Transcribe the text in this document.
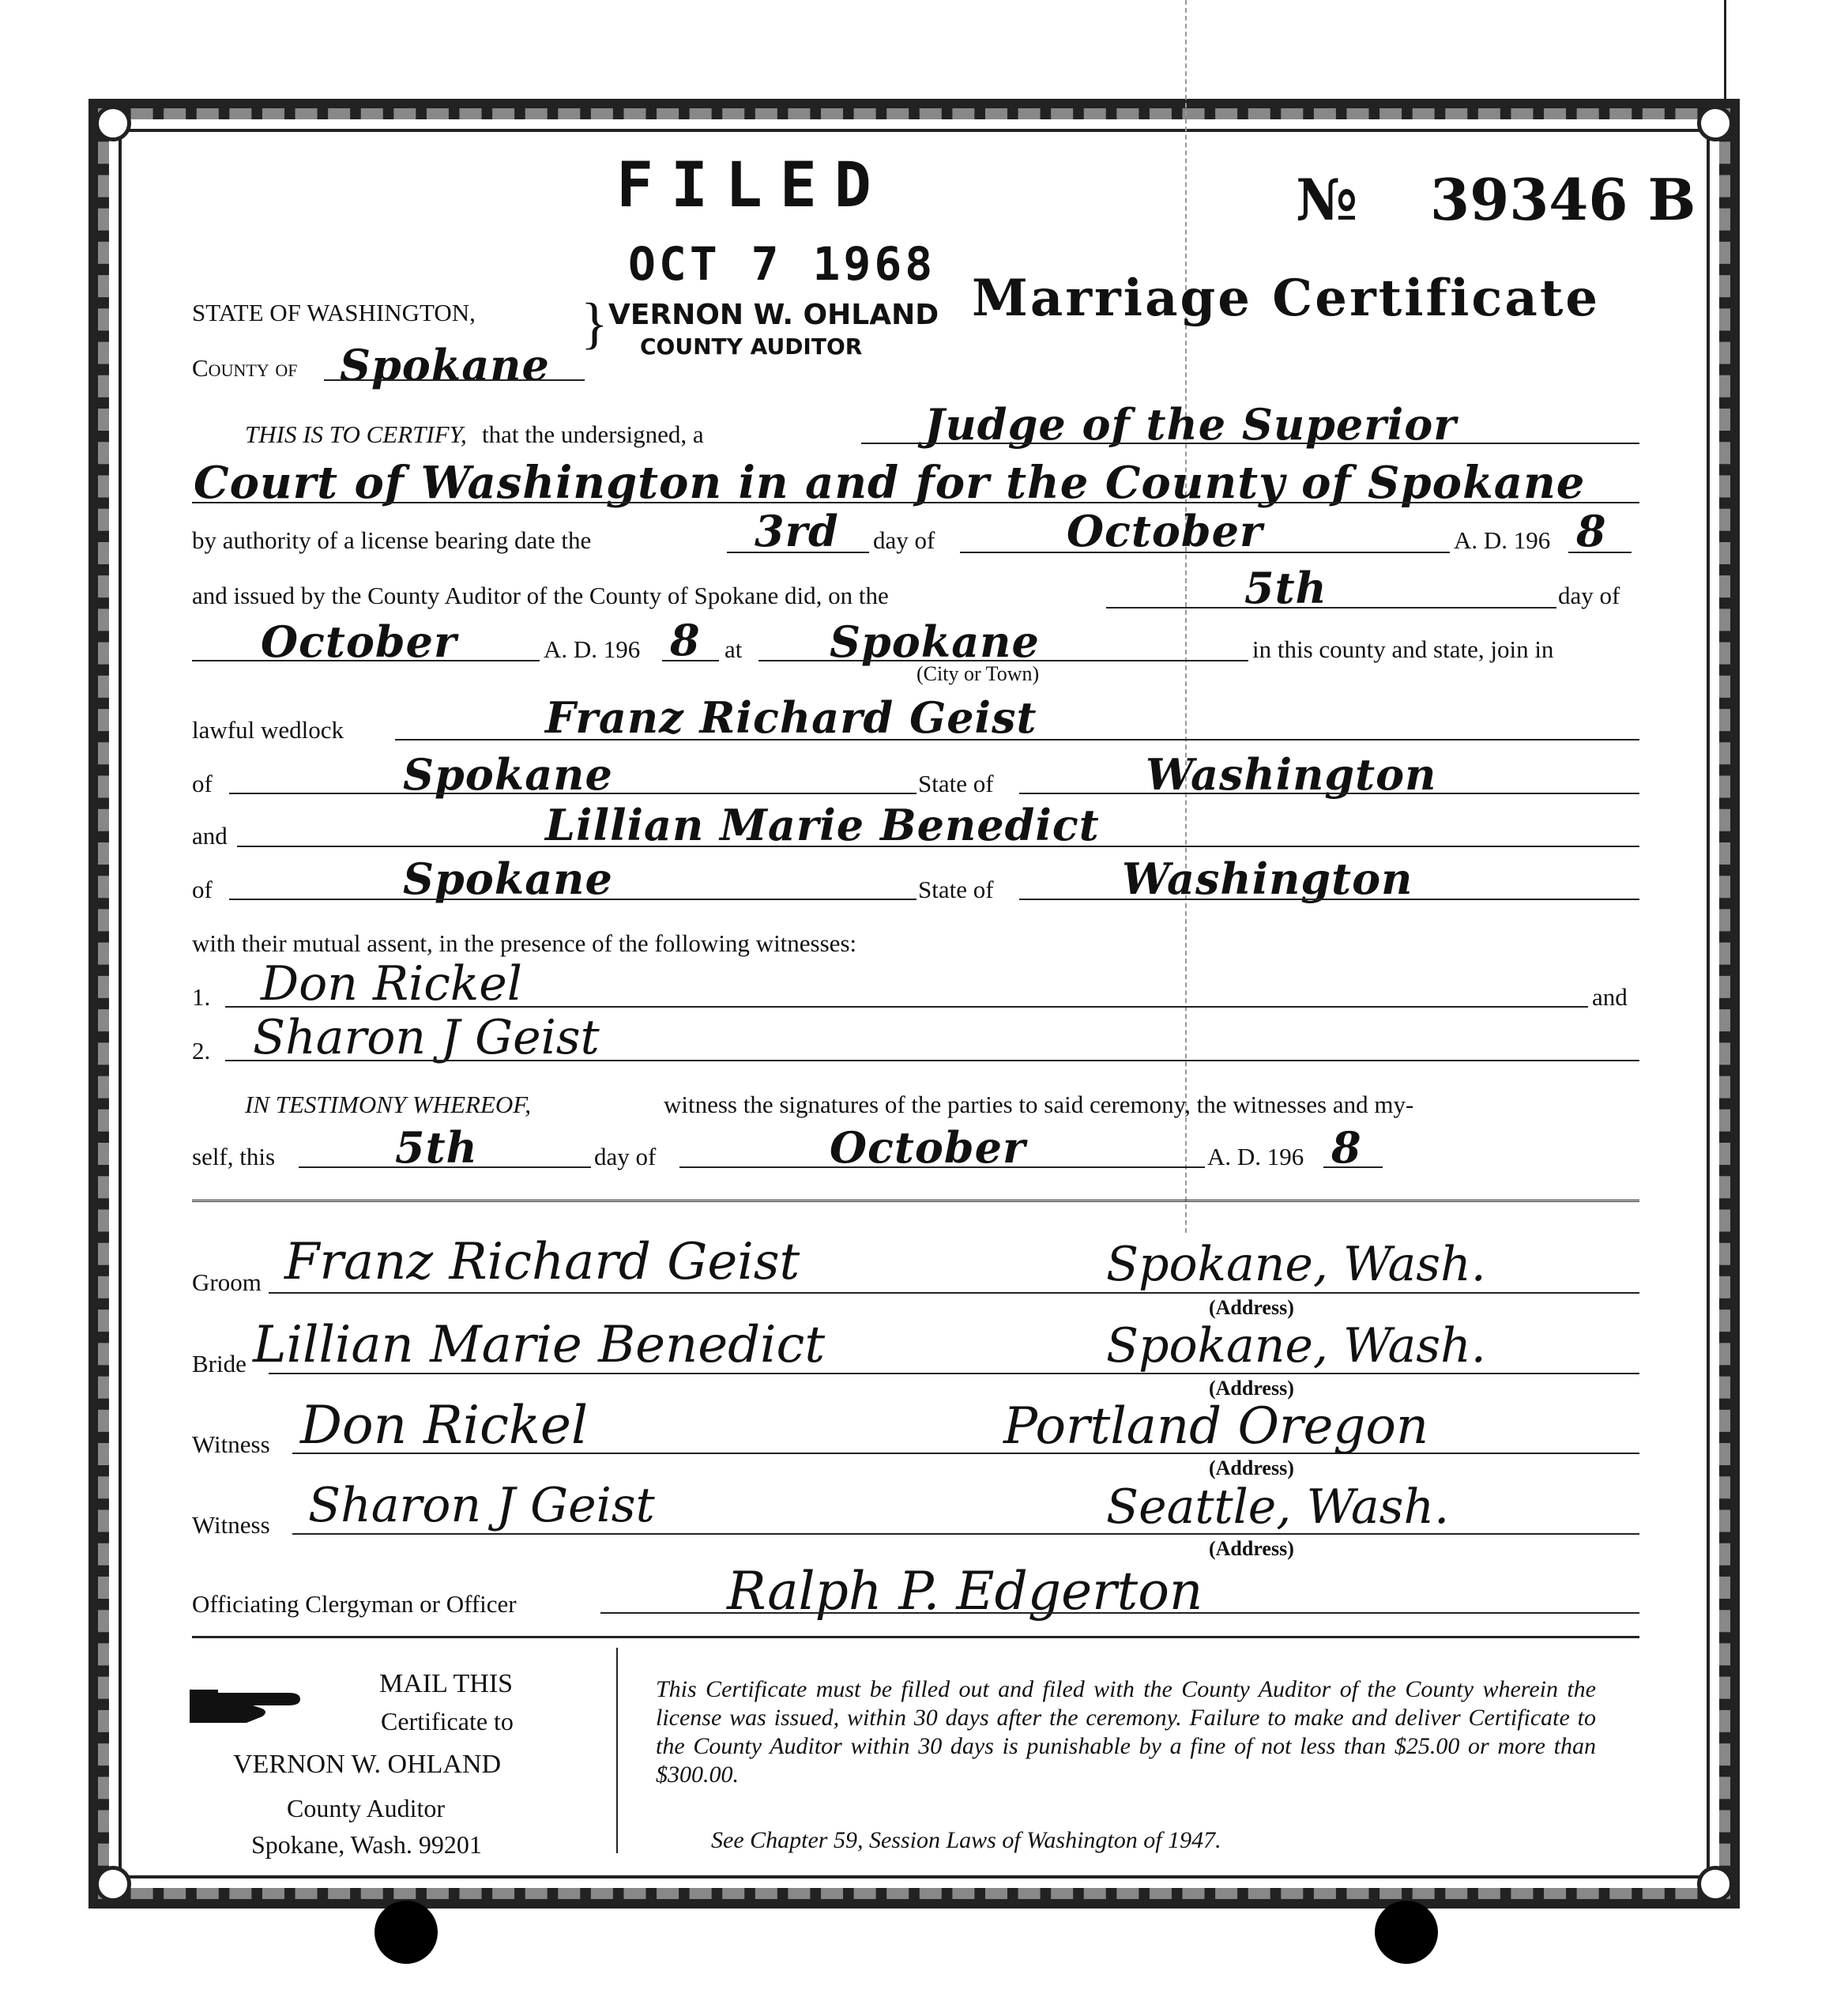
FILED
OCT 7 1968
VERNON W. OHLAND
COUNTY AUDITOR
№ 39346 B
Marriage Certificate
STATE OF WASHINGTON,
County of Spokane
}
THIS IS TO CERTIFY, that the undersigned, a	Judge of the Superior
Court of Washington in and for the County of Spokane
by authority of a license bearing date the	3rd day of	October	A. D. 196 8
and issued by the County Auditor of the County of Spokane did, on the	5th	day of
October	A. D. 196 8 at Spokane
(City or Town)
in this county and state, join in
lawful wedlock	Franz Richard Geist
of	Spokane	State of	Washington
and	Lillian Marie Benedict
of	Spokane	State of	Washington
with their mutual assent, in the presence of the following witnesses:
1. Don Rickel	and
2. Sharon J Geist
IN TESTIMONY WHEREOF,	witness the signatures of the parties to said ceremony, the witnesses and my-
self, this	5th	day of	October	A. D. 196 8
Groom Franz Richard Geist	Spokane, Wash.
(Address)
Bride Lillian Marie Benedict	Spokane, Wash.
(Address)
Witness Don Rickel	Portland Oregon
(Address)
Witness Sharon J Geist	Seattle, Wash.
(Address)
Officiating Clergyman or Officer	Ralph P. Edgerton
MAIL THIS
Certificate to
VERNON W. OHLAND
County Auditor
Spokane, Wash. 99201
This Certificate must be filled out and filed with the County Auditor of the County wherein the license was issued, within 30 days after the ceremony. Failure to make and deliver Certificate to the County Auditor within 30 days is punishable by a fine of not less than $25.00 or more than $300.00.
See Chapter 59, Session Laws of Washington of 1947.
